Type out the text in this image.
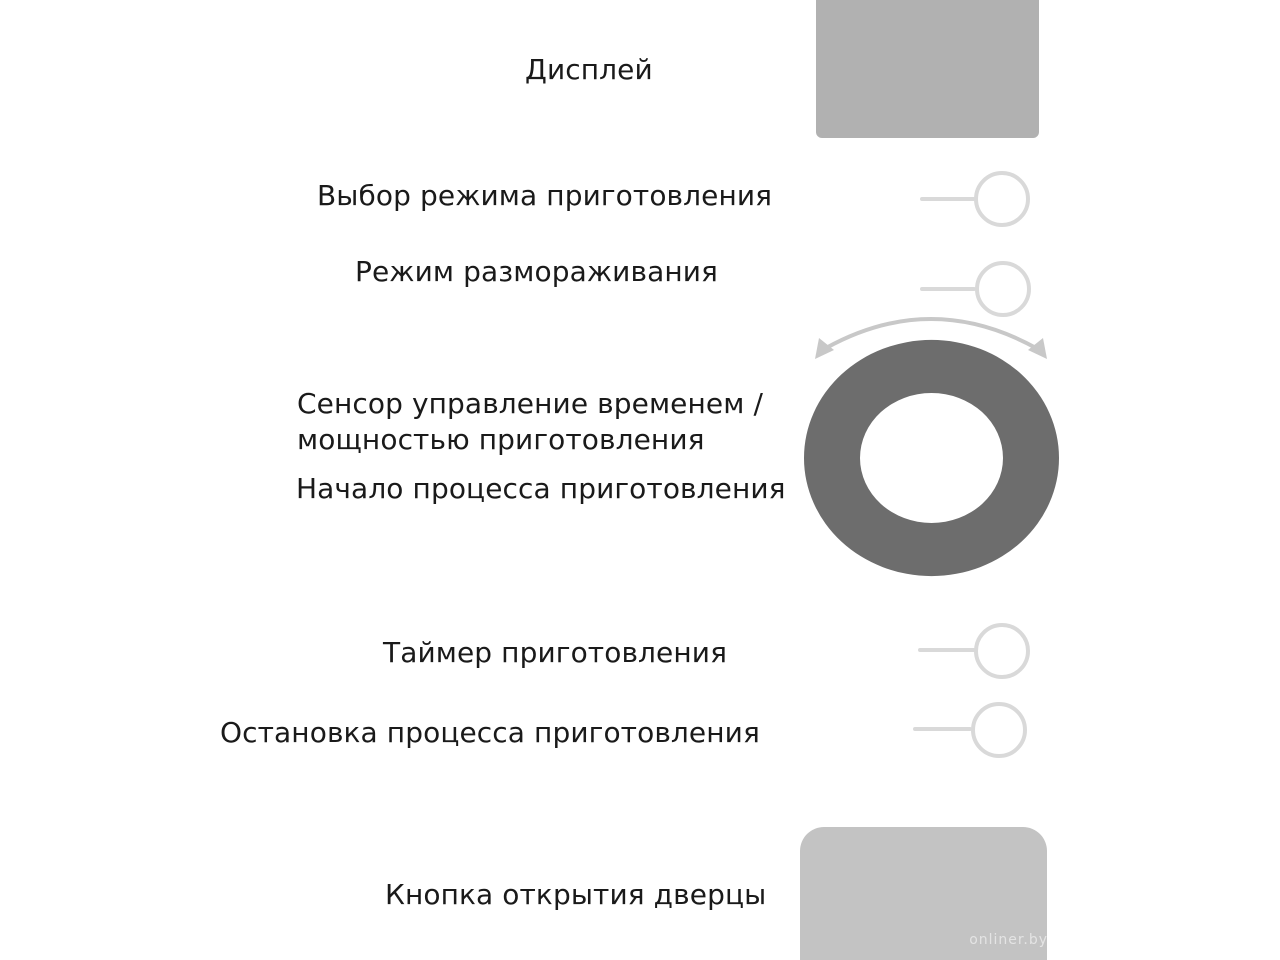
Дисплей
Выбор режима приготовления
Режим размораживания
Сенсор управление временем /
мощностью приготовления
Начало процесса приготовления
Таймер приготовления
Остановка процесса приготовления
Кнопка открытия дверцы
onliner.by
